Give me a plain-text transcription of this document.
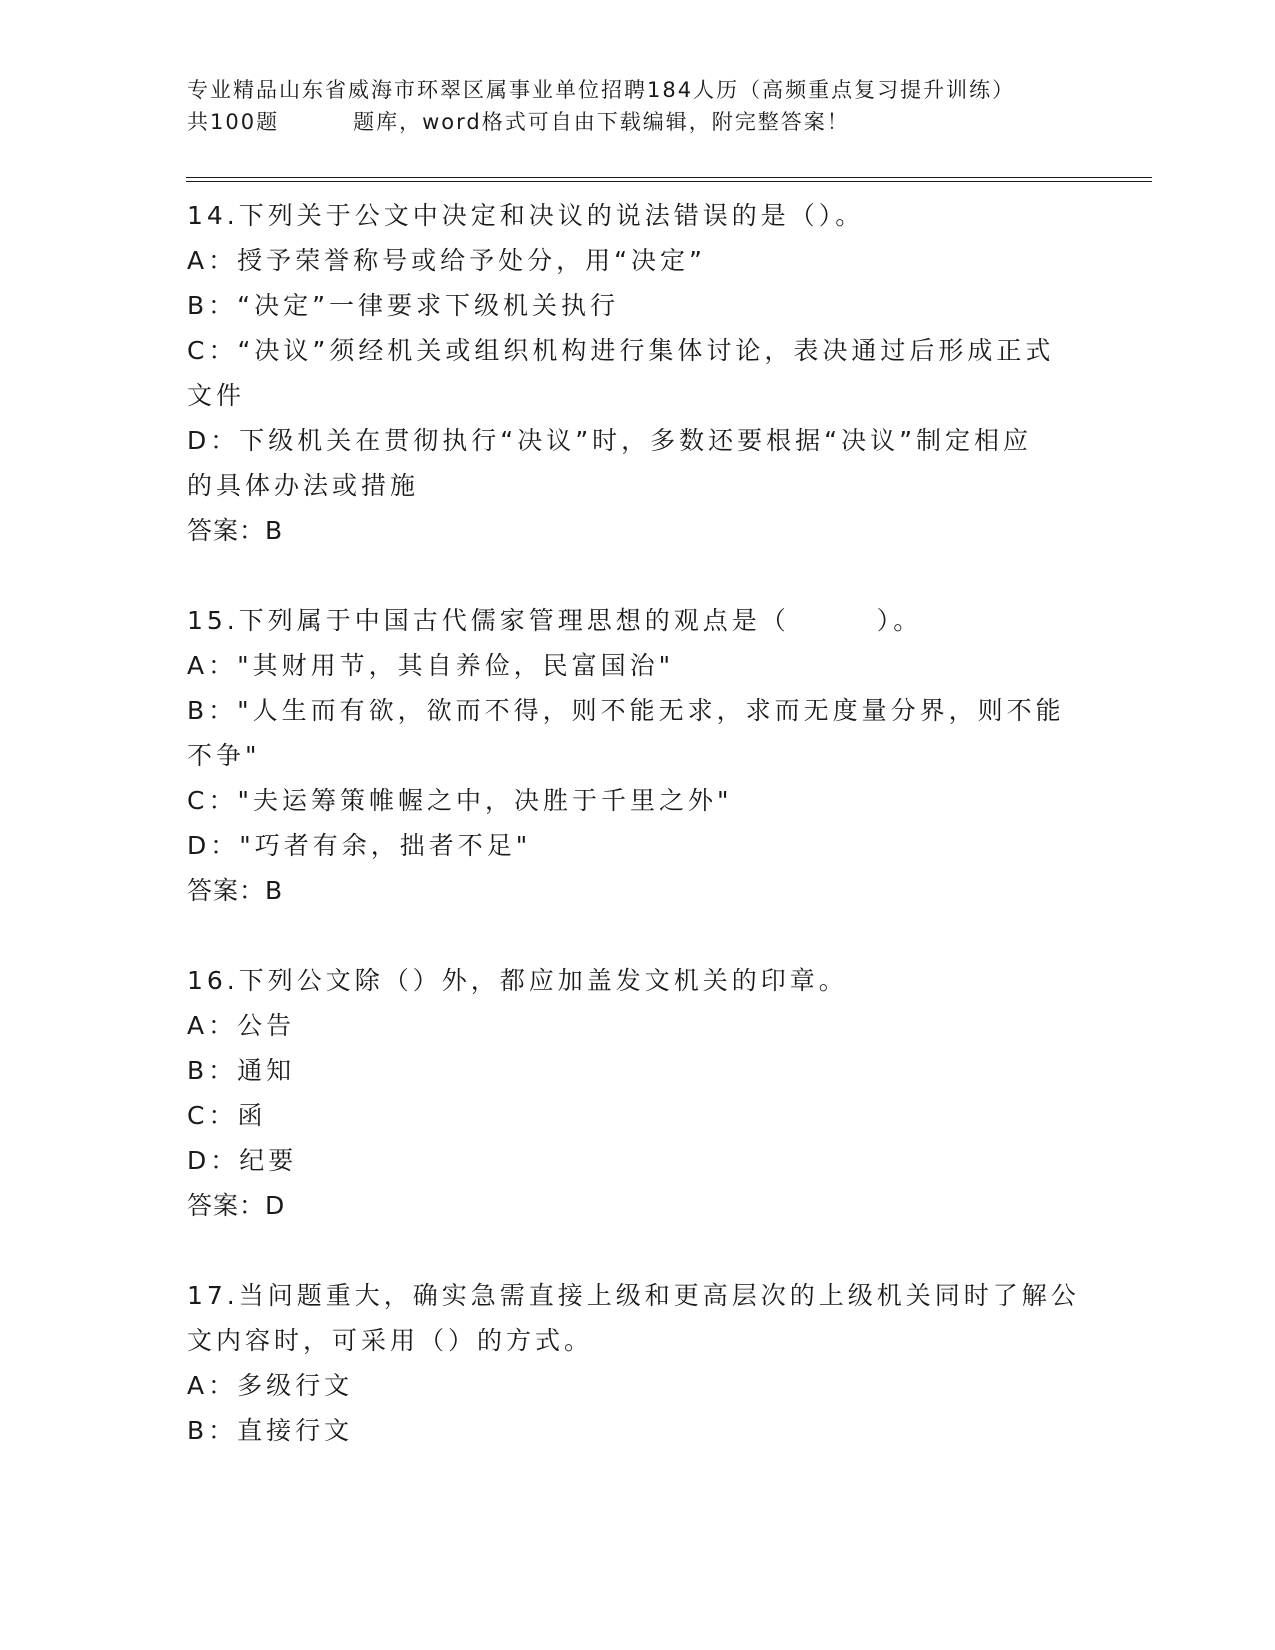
专业精品山东省威海市环翠区属事业单位招聘184人历（高频重点复习提升训练）
共100题	题库，word格式可自由下载编辑，附完整答案！
14.下列关于公文中决定和决议的说法错误的是（）。
A：授予荣誉称号或给予处分，用“决定”
B：“决定”一律要求下级机关执行
C：“决议”须经机关或组织机构进行集体讨论，表决通过后形成正式
文件
D：下级机关在贯彻执行“决议”时，多数还要根据“决议”制定相应
的具体办法或措施
答案：B
15.下列属于中国古代儒家管理思想的观点是（　　　）。
A："其财用节，其自养俭，民富国治"
B："人生而有欲，欲而不得，则不能无求，求而无度量分界，则不能
不争"
C："夫运筹策帷幄之中，决胜于千里之外"
D："巧者有余，拙者不足"
答案：B
16.下列公文除（）外，都应加盖发文机关的印章。
A：公告
B：通知
C：函
D：纪要
答案：D
17.当问题重大，确实急需直接上级和更高层次的上级机关同时了解公
文内容时，可采用（）的方式。
A：多级行文
B：直接行文
